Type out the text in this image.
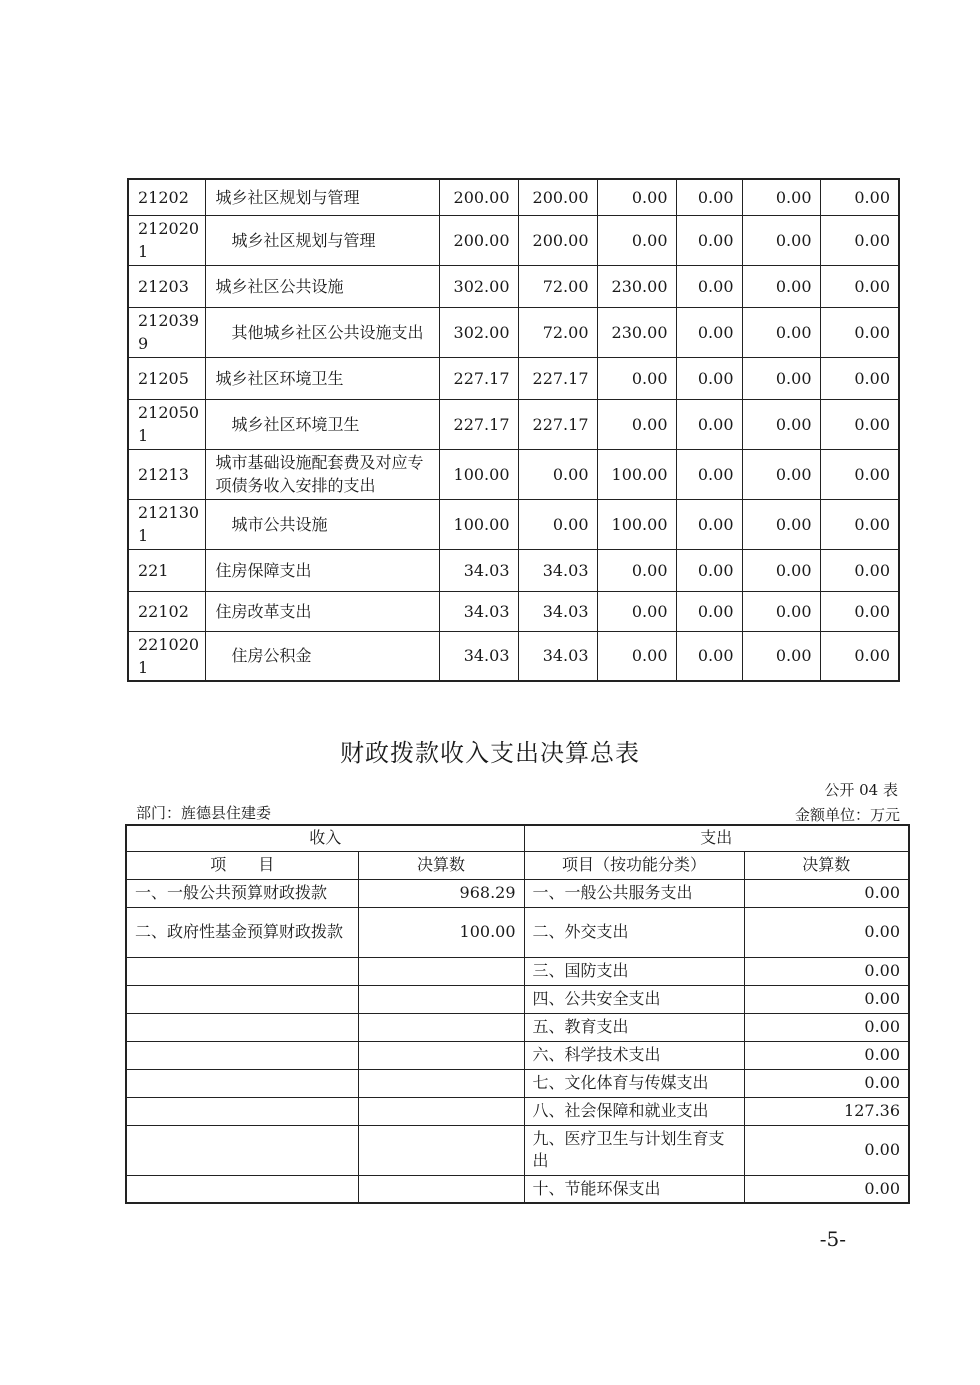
21202	城乡社区规划与管理	200.00	200.00	0.00	0.00	0.00	0.00
2120201	城乡社区规划与管理	200.00	200.00	0.00	0.00	0.00	0.00
21203	城乡社区公共设施	302.00	72.00	230.00	0.00	0.00	0.00
2120399	其他城乡社区公共设施支出	302.00	72.00	230.00	0.00	0.00	0.00
21205	城乡社区环境卫生	227.17	227.17	0.00	0.00	0.00	0.00
2120501	城乡社区环境卫生	227.17	227.17	0.00	0.00	0.00	0.00
21213	城市基础设施配套费及对应专项债务收入安排的支出	100.00	0.00	100.00	0.00	0.00	0.00
2121301	城市公共设施	100.00	0.00	100.00	0.00	0.00	0.00
221	住房保障支出	34.03	34.03	0.00	0.00	0.00	0.00
22102	住房改革支出	34.03	34.03	0.00	0.00	0.00	0.00
2210201	住房公积金	34.03	34.03	0.00	0.00	0.00	0.00
财政拨款收入支出决算总表
公开 04 表
部门：旌德县住建委	金额单位：万元
收入		支出	
项　　目	决算数	项目（按功能分类）	决算数
一、一般公共预算财政拨款	968.29	一、一般公共服务支出	0.00
二、政府性基金预算财政拨款	100.00	二、外交支出	0.00
		三、国防支出	0.00
		四、公共安全支出	0.00
		五、教育支出	0.00
		六、科学技术支出	0.00
		七、文化体育与传媒支出	0.00
		八、社会保障和就业支出	127.36
		九、医疗卫生与计划生育支出	0.00
		十、节能环保支出	0.00
-5-
